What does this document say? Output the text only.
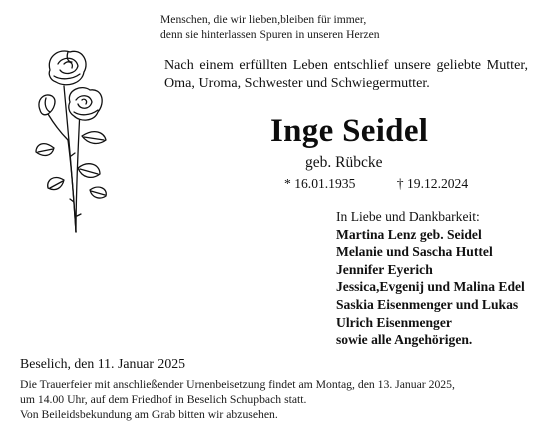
Menschen, die wir lieben,bleiben für immer,
denn sie hinterlassen Spuren in unseren Herzen
Nach einem erfüllten Leben entschlief unsere geliebte Mutter,
Oma, Uroma, Schwester und Schwiegermutter.
Inge Seidel
geb. Rübcke
* 16.01.1935	† 19.12.2024
In Liebe und Dankbarkeit:
Martina Lenz geb. Seidel
Melanie und Sascha Huttel
Jennifer Eyerich
Jessica,Evgenij und Malina Edel
Saskia Eisenmenger und Lukas
Ulrich Eisenmenger
sowie alle Angehörigen.
Beselich, den 11. Januar 2025
Die Trauerfeier mit anschließender Urnenbeisetzung findet am Montag, den 13. Januar 2025,
um 14.00 Uhr, auf dem Friedhof in Beselich Schupbach statt.
Von Beileidsbekundung am Grab bitten wir abzusehen.
